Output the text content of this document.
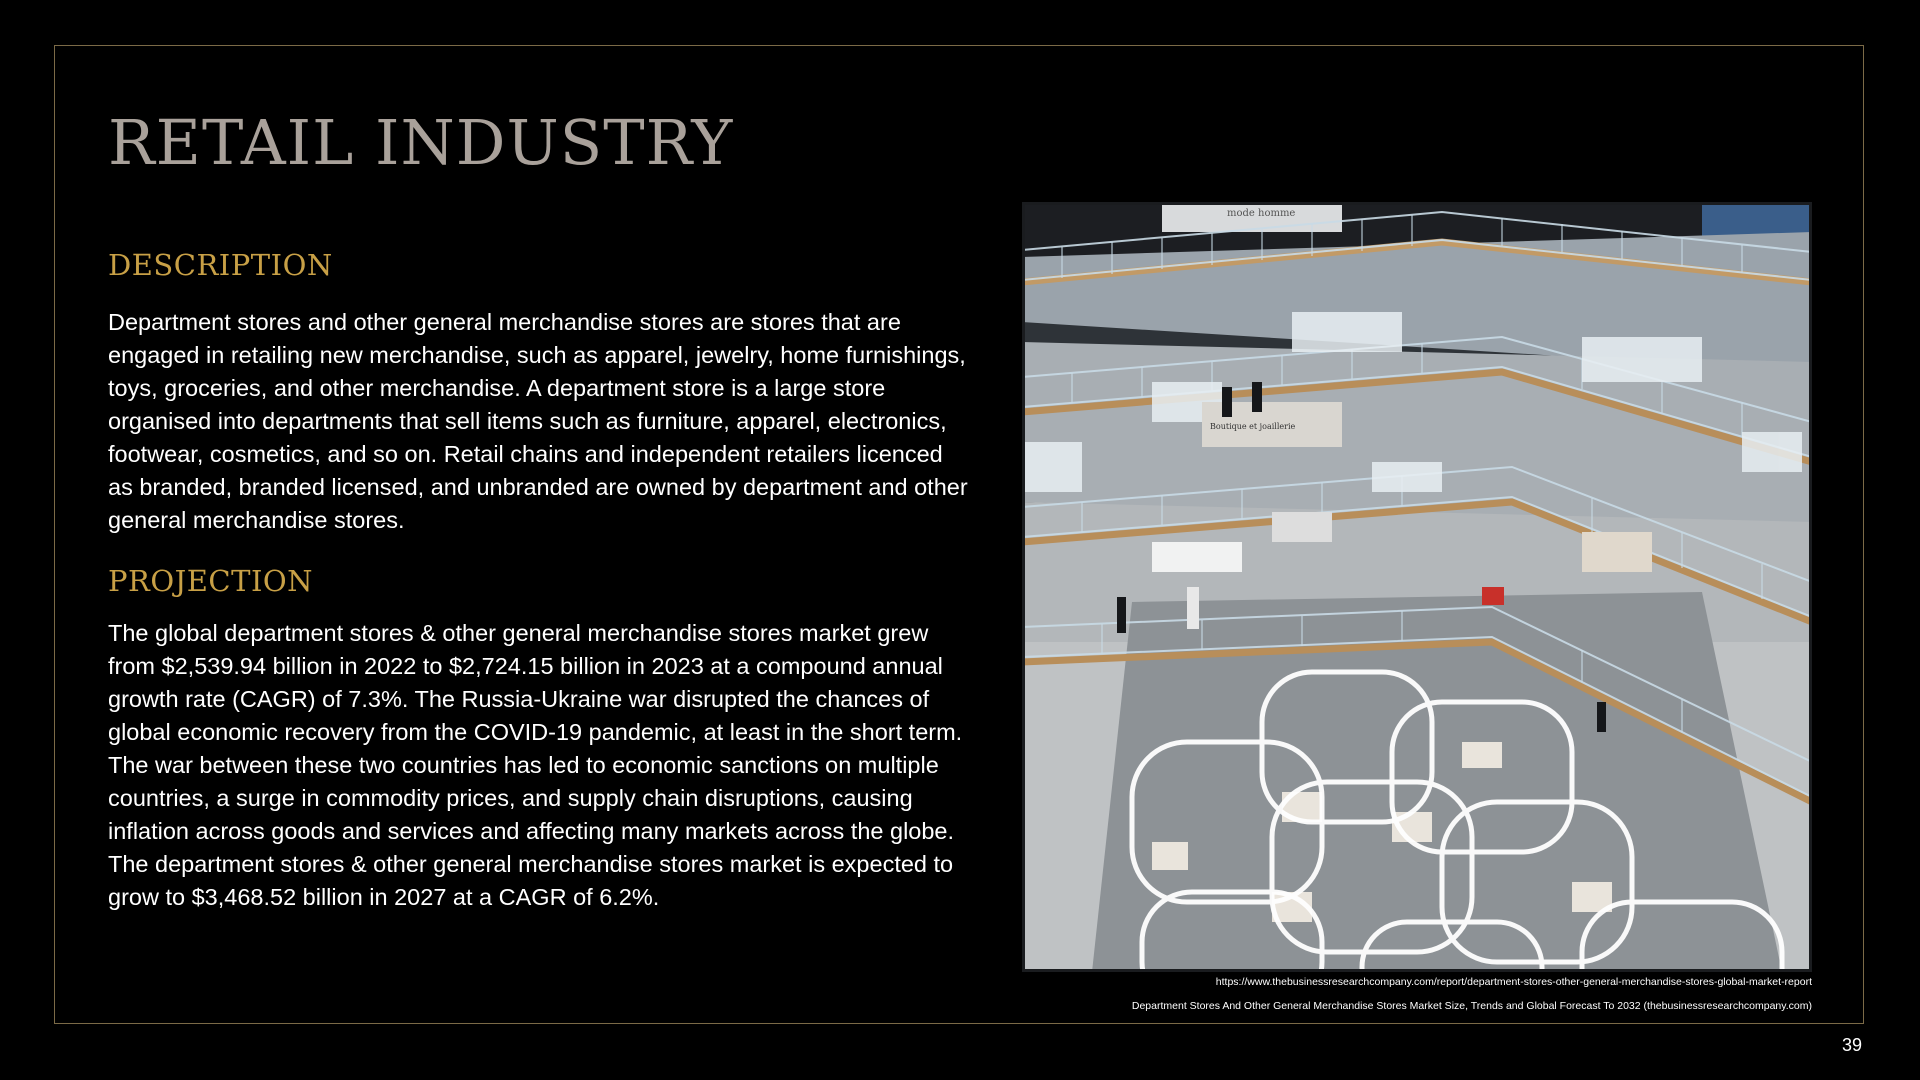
RETAIL INDUSTRY
DESCRIPTION

Department stores and other general merchandise stores are stores that are engaged in retailing new merchandise, such as apparel, jewelry, home furnishings, toys, groceries, and other merchandise. A department store is a large store organised into departments that sell items such as furniture, apparel, electronics, footwear, cosmetics, and so on. Retail chains and independent retailers licenced as branded, branded licensed, and unbranded are owned by department and other general merchandise stores.

PROJECTION

The global department stores & other general merchandise stores market grew from $2,539.94 billion in 2022 to $2,724.15 billion in 2023 at a compound annual growth rate (CAGR) of 7.3%. The Russia-Ukraine war disrupted the chances of global economic recovery from the COVID-19 pandemic, at least in the short term. The war between these two countries has led to economic sanctions on multiple countries, a surge in commodity prices, and supply chain disruptions, causing inflation across goods and services and affecting many markets across the globe. The department stores & other general merchandise stores market is expected to grow to $3,468.52 billion in 2027 at a CAGR of 6.2%.

mode homme
Boutique et joaillerie

https://www.thebusinessresearchcompany.com/report/department-stores-other-general-merchandise-stores-global-market-report

Department Stores And Other General Merchandise Stores Market Size, Trends and Global Forecast To 2032 (thebusinessresearchcompany.com)

39
